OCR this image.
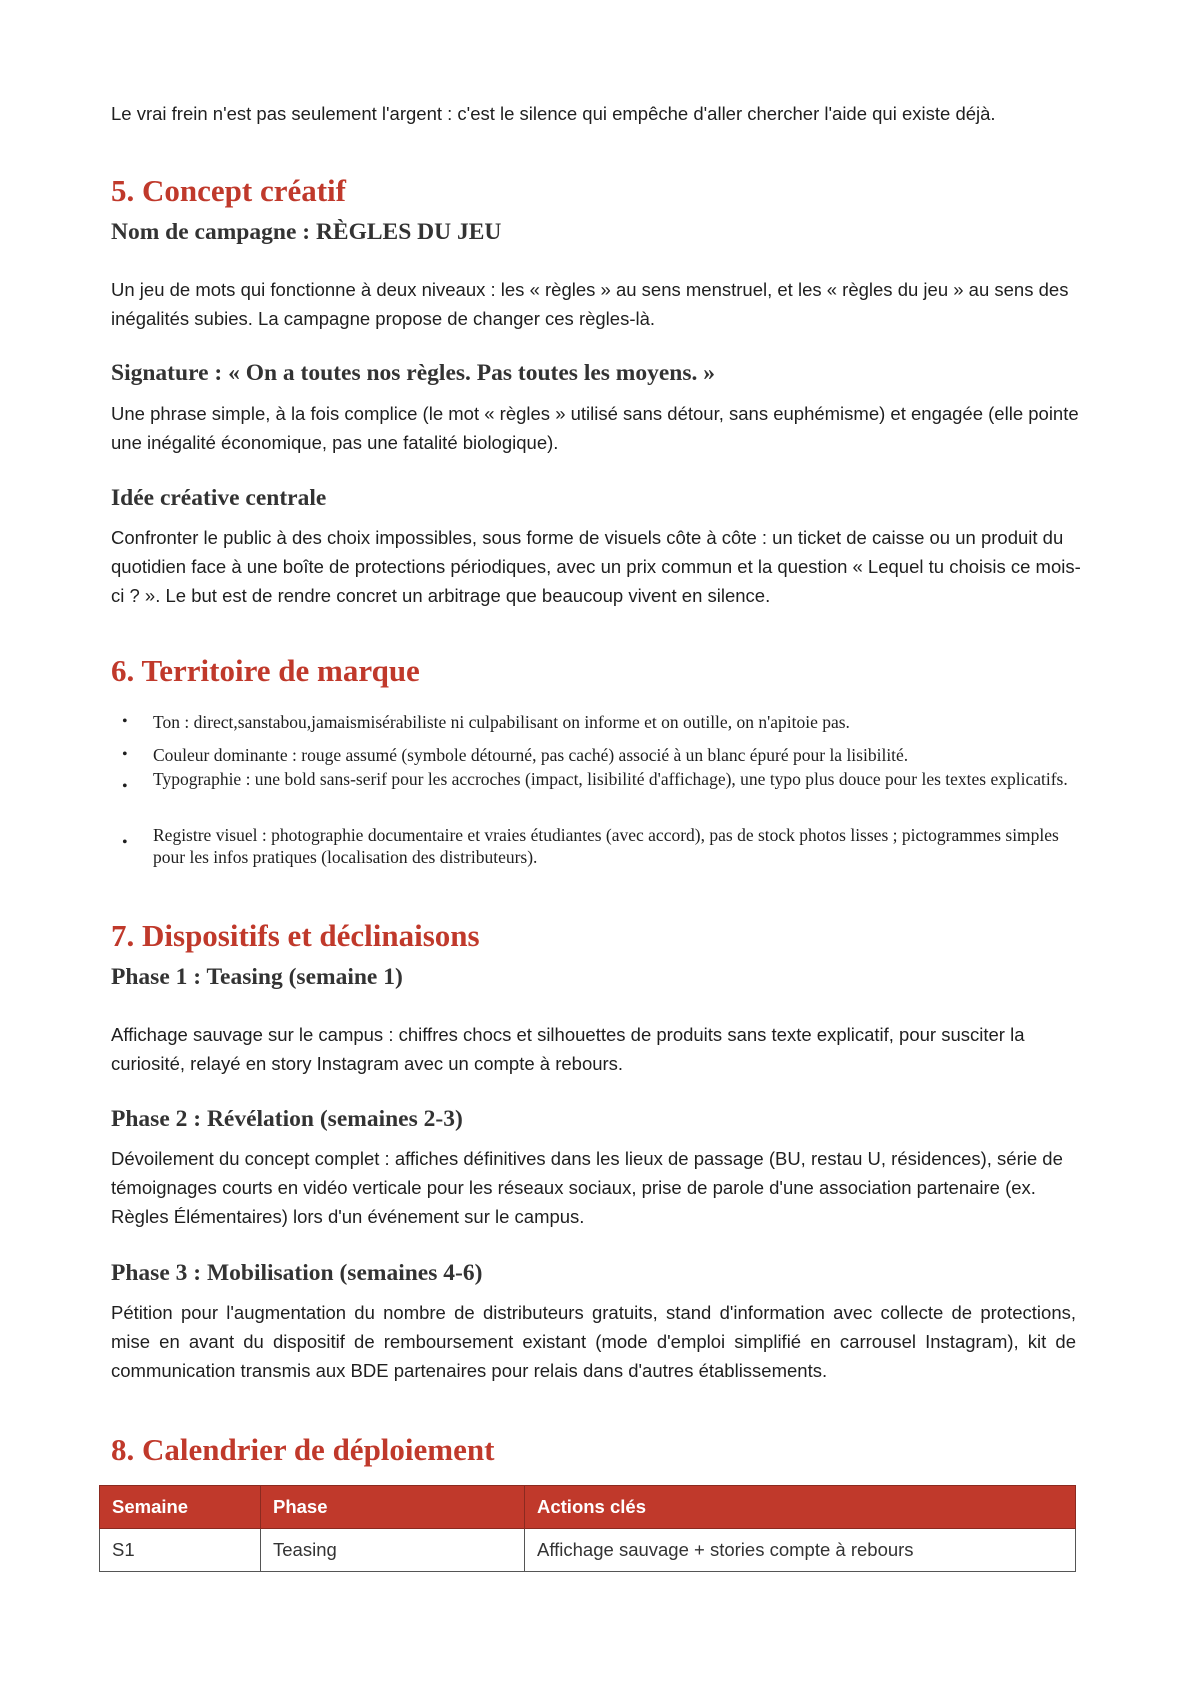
Le vrai frein n'est pas seulement l'argent : c'est le silence qui empêche d'aller chercher l'aide qui existe déjà.

5. Concept créatif
Nom de campagne : RÈGLES DU JEU

Un jeu de mots qui fonctionne à deux niveaux : les « règles » au sens menstruel, et les « règles du jeu » au sens des inégalités subies. La campagne propose de changer ces règles-là.

Signature : « On a toutes nos règles. Pas toutes les moyens. »

Une phrase simple, à la fois complice (le mot « règles » utilisé sans détour, sans euphémisme) et engagée (elle pointe une inégalité économique, pas une fatalité biologique).

Idée créative centrale

Confronter le public à des choix impossibles, sous forme de visuels côte à côte : un ticket de caisse ou un produit du quotidien face à une boîte de protections périodiques, avec un prix commun et la question « Lequel tu choisis ce mois-ci ? ». Le but est de rendre concret un arbitrage que beaucoup vivent en silence.

6. Territoire de marque
•	Ton : direct,sanstabou,jamaismisérabiliste ni culpabilisant on informe et on outille, on n'apitoie pas.
•	Couleur dominante : rouge assumé (symbole détourné, pas caché) associé à un blanc épuré pour la lisibilité.
•	Typographie : une bold sans-serif pour les accroches (impact, lisibilité d'affichage), une typo plus douce pour les textes explicatifs.
•	Registre visuel : photographie documentaire et vraies étudiantes (avec accord), pas de stock photos lisses ; pictogrammes simples pour les infos pratiques (localisation des distributeurs).
7. Dispositifs et déclinaisons
Phase 1 : Teasing (semaine 1)

Affichage sauvage sur le campus : chiffres chocs et silhouettes de produits sans texte explicatif, pour susciter la curiosité, relayé en story Instagram avec un compte à rebours.

Phase 2 : Révélation (semaines 2-3)

Dévoilement du concept complet : affiches définitives dans les lieux de passage (BU, restau U, résidences), série de témoignages courts en vidéo verticale pour les réseaux sociaux, prise de parole d'une association partenaire (ex. Règles Élémentaires) lors d'un événement sur le campus.

Phase 3 : Mobilisation (semaines 4-6)

Pétition pour l'augmentation du nombre de distributeurs gratuits, stand d'information avec collecte de protections, mise en avant du dispositif de remboursement existant (mode d'emploi simplifié en carrousel Instagram), kit de communication transmis aux BDE partenaires pour relais dans d'autres établissements.

8. Calendrier de déploiement
Semaine	Phase	Actions clés
S1	Teasing	Affichage sauvage + stories compte à rebours
